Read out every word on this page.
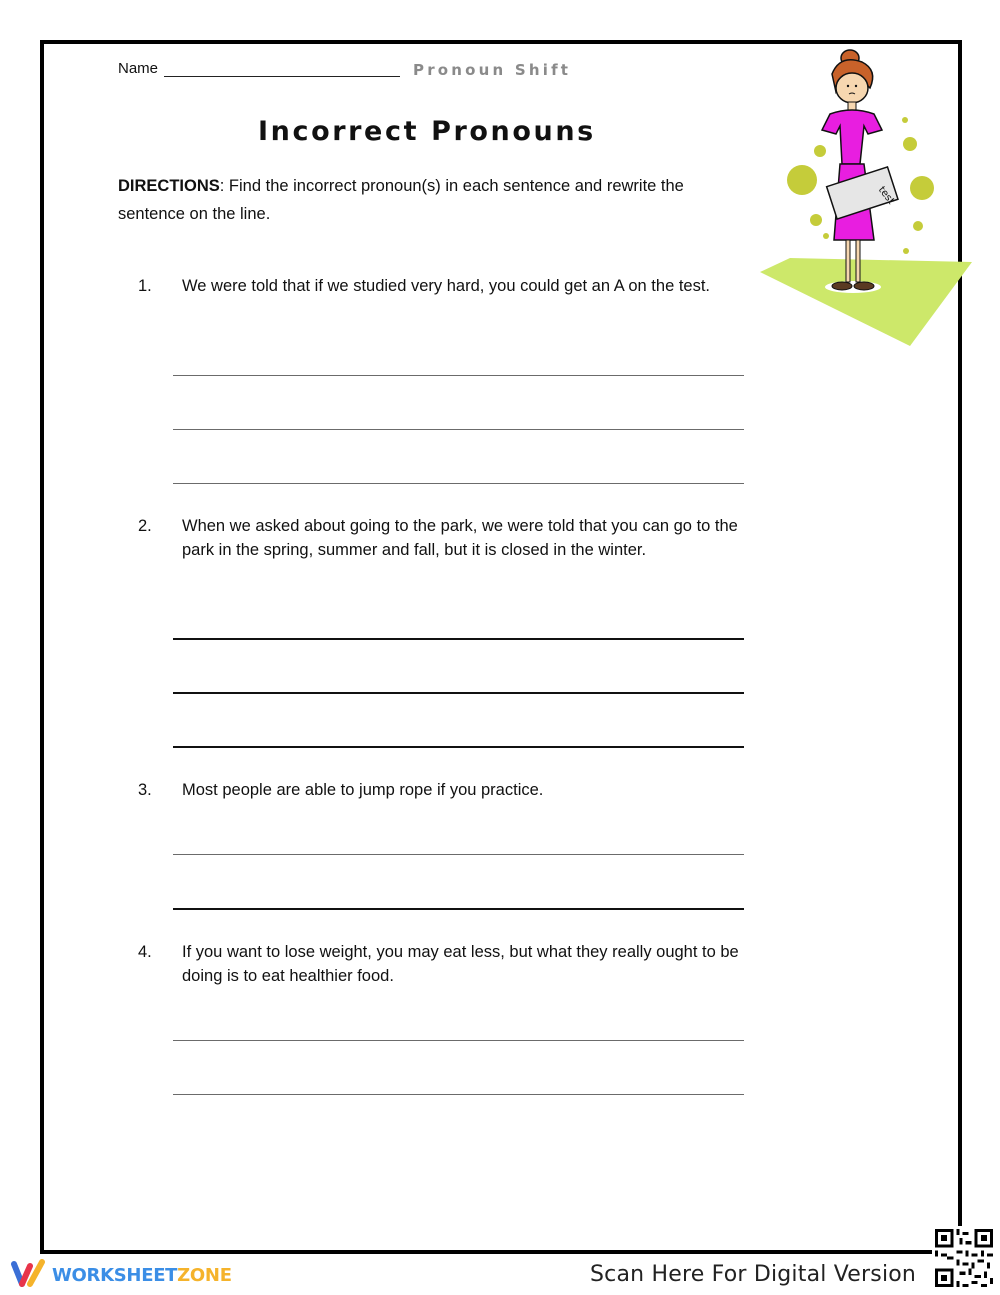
Name	Pronoun Shift
Incorrect Pronouns
DIRECTIONS: Find the incorrect pronoun(s) in each sentence and rewrite the sentence on the line.
1.	We were told that if we studied very hard, you could get an A on the test.
2.	When we asked about going to the park, we were told that you can go to the park in the spring, summer and fall, but it is closed in the winter.
3.	Most people are able to jump rope if you practice.
4.	If you want to lose weight, you may eat less, but what they really ought to be doing is to eat healthier food.
test
WORKSHEETZONE	Scan Here For Digital Version
